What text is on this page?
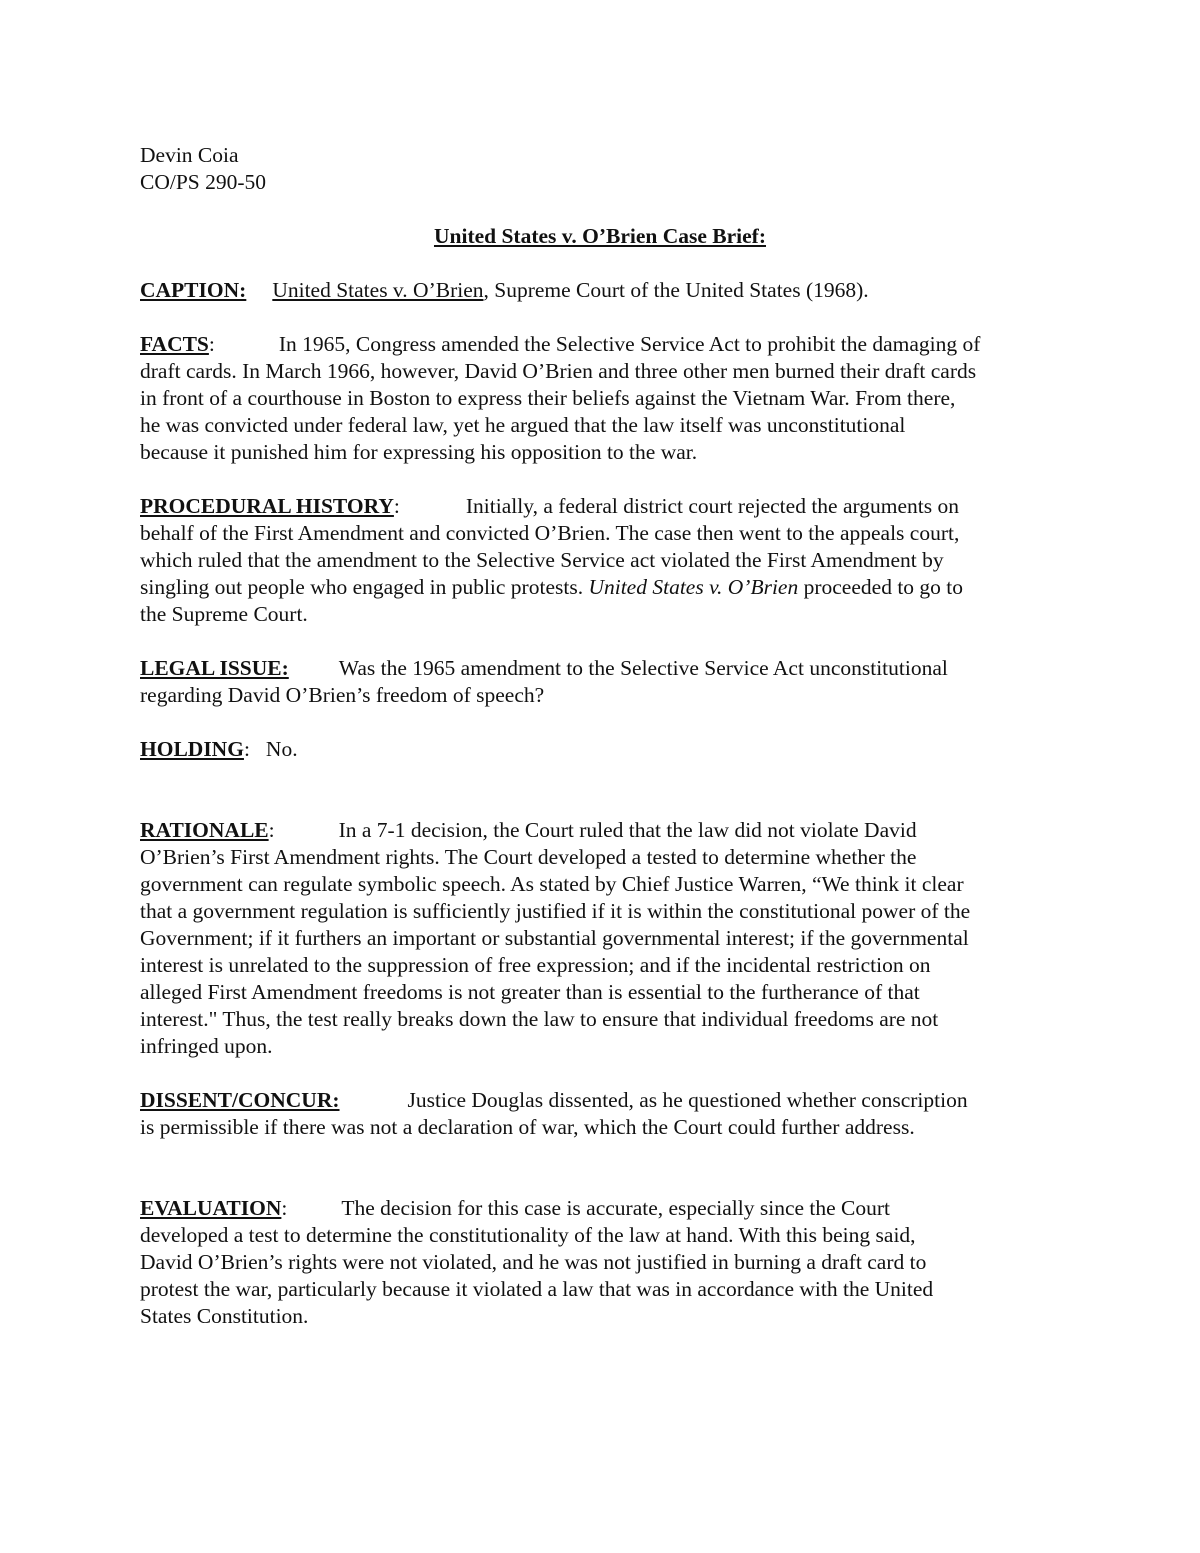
Devin Coia
CO/PS 290-50
United States v. O’Brien Case Brief:
CAPTION: United States v. O’Brien, Supreme Court of the United States (1968).
FACTS:	In 1965, Congress amended the Selective Service Act to prohibit the damaging of
draft cards. In March 1966, however, David O’Brien and three other men burned their draft cards
in front of a courthouse in Boston to express their beliefs against the Vietnam War. From there,
he was convicted under federal law, yet he argued that the law itself was unconstitutional
because it punished him for expressing his opposition to the war.
PROCEDURAL HISTORY:	Initially, a federal district court rejected the arguments on
behalf of the First Amendment and convicted O’Brien. The case then went to the appeals court,
which ruled that the amendment to the Selective Service act violated the First Amendment by
singling out people who engaged in public protests. United States v. O’Brien proceeded to go to
the Supreme Court.
LEGAL ISSUE: Was the 1965 amendment to the Selective Service Act unconstitutional
regarding David O’Brien’s freedom of speech?
HOLDING: No.
RATIONALE:	In a 7-1 decision, the Court ruled that the law did not violate David
O’Brien’s First Amendment rights. The Court developed a tested to determine whether the
government can regulate symbolic speech. As stated by Chief Justice Warren, “We think it clear
that a government regulation is sufficiently justified if it is within the constitutional power of the
Government; if it furthers an important or substantial governmental interest; if the governmental
interest is unrelated to the suppression of free expression; and if the incidental restriction on
alleged First Amendment freedoms is not greater than is essential to the furtherance of that
interest." Thus, the test really breaks down the law to ensure that individual freedoms are not
infringed upon.
DISSENT/CONCUR:	Justice Douglas dissented, as he questioned whether conscription
is permissible if there was not a declaration of war, which the Court could further address.
EVALUATION:	The decision for this case is accurate, especially since the Court
developed a test to determine the constitutionality of the law at hand. With this being said,
David O’Brien’s rights were not violated, and he was not justified in burning a draft card to
protest the war, particularly because it violated a law that was in accordance with the United
States Constitution.
